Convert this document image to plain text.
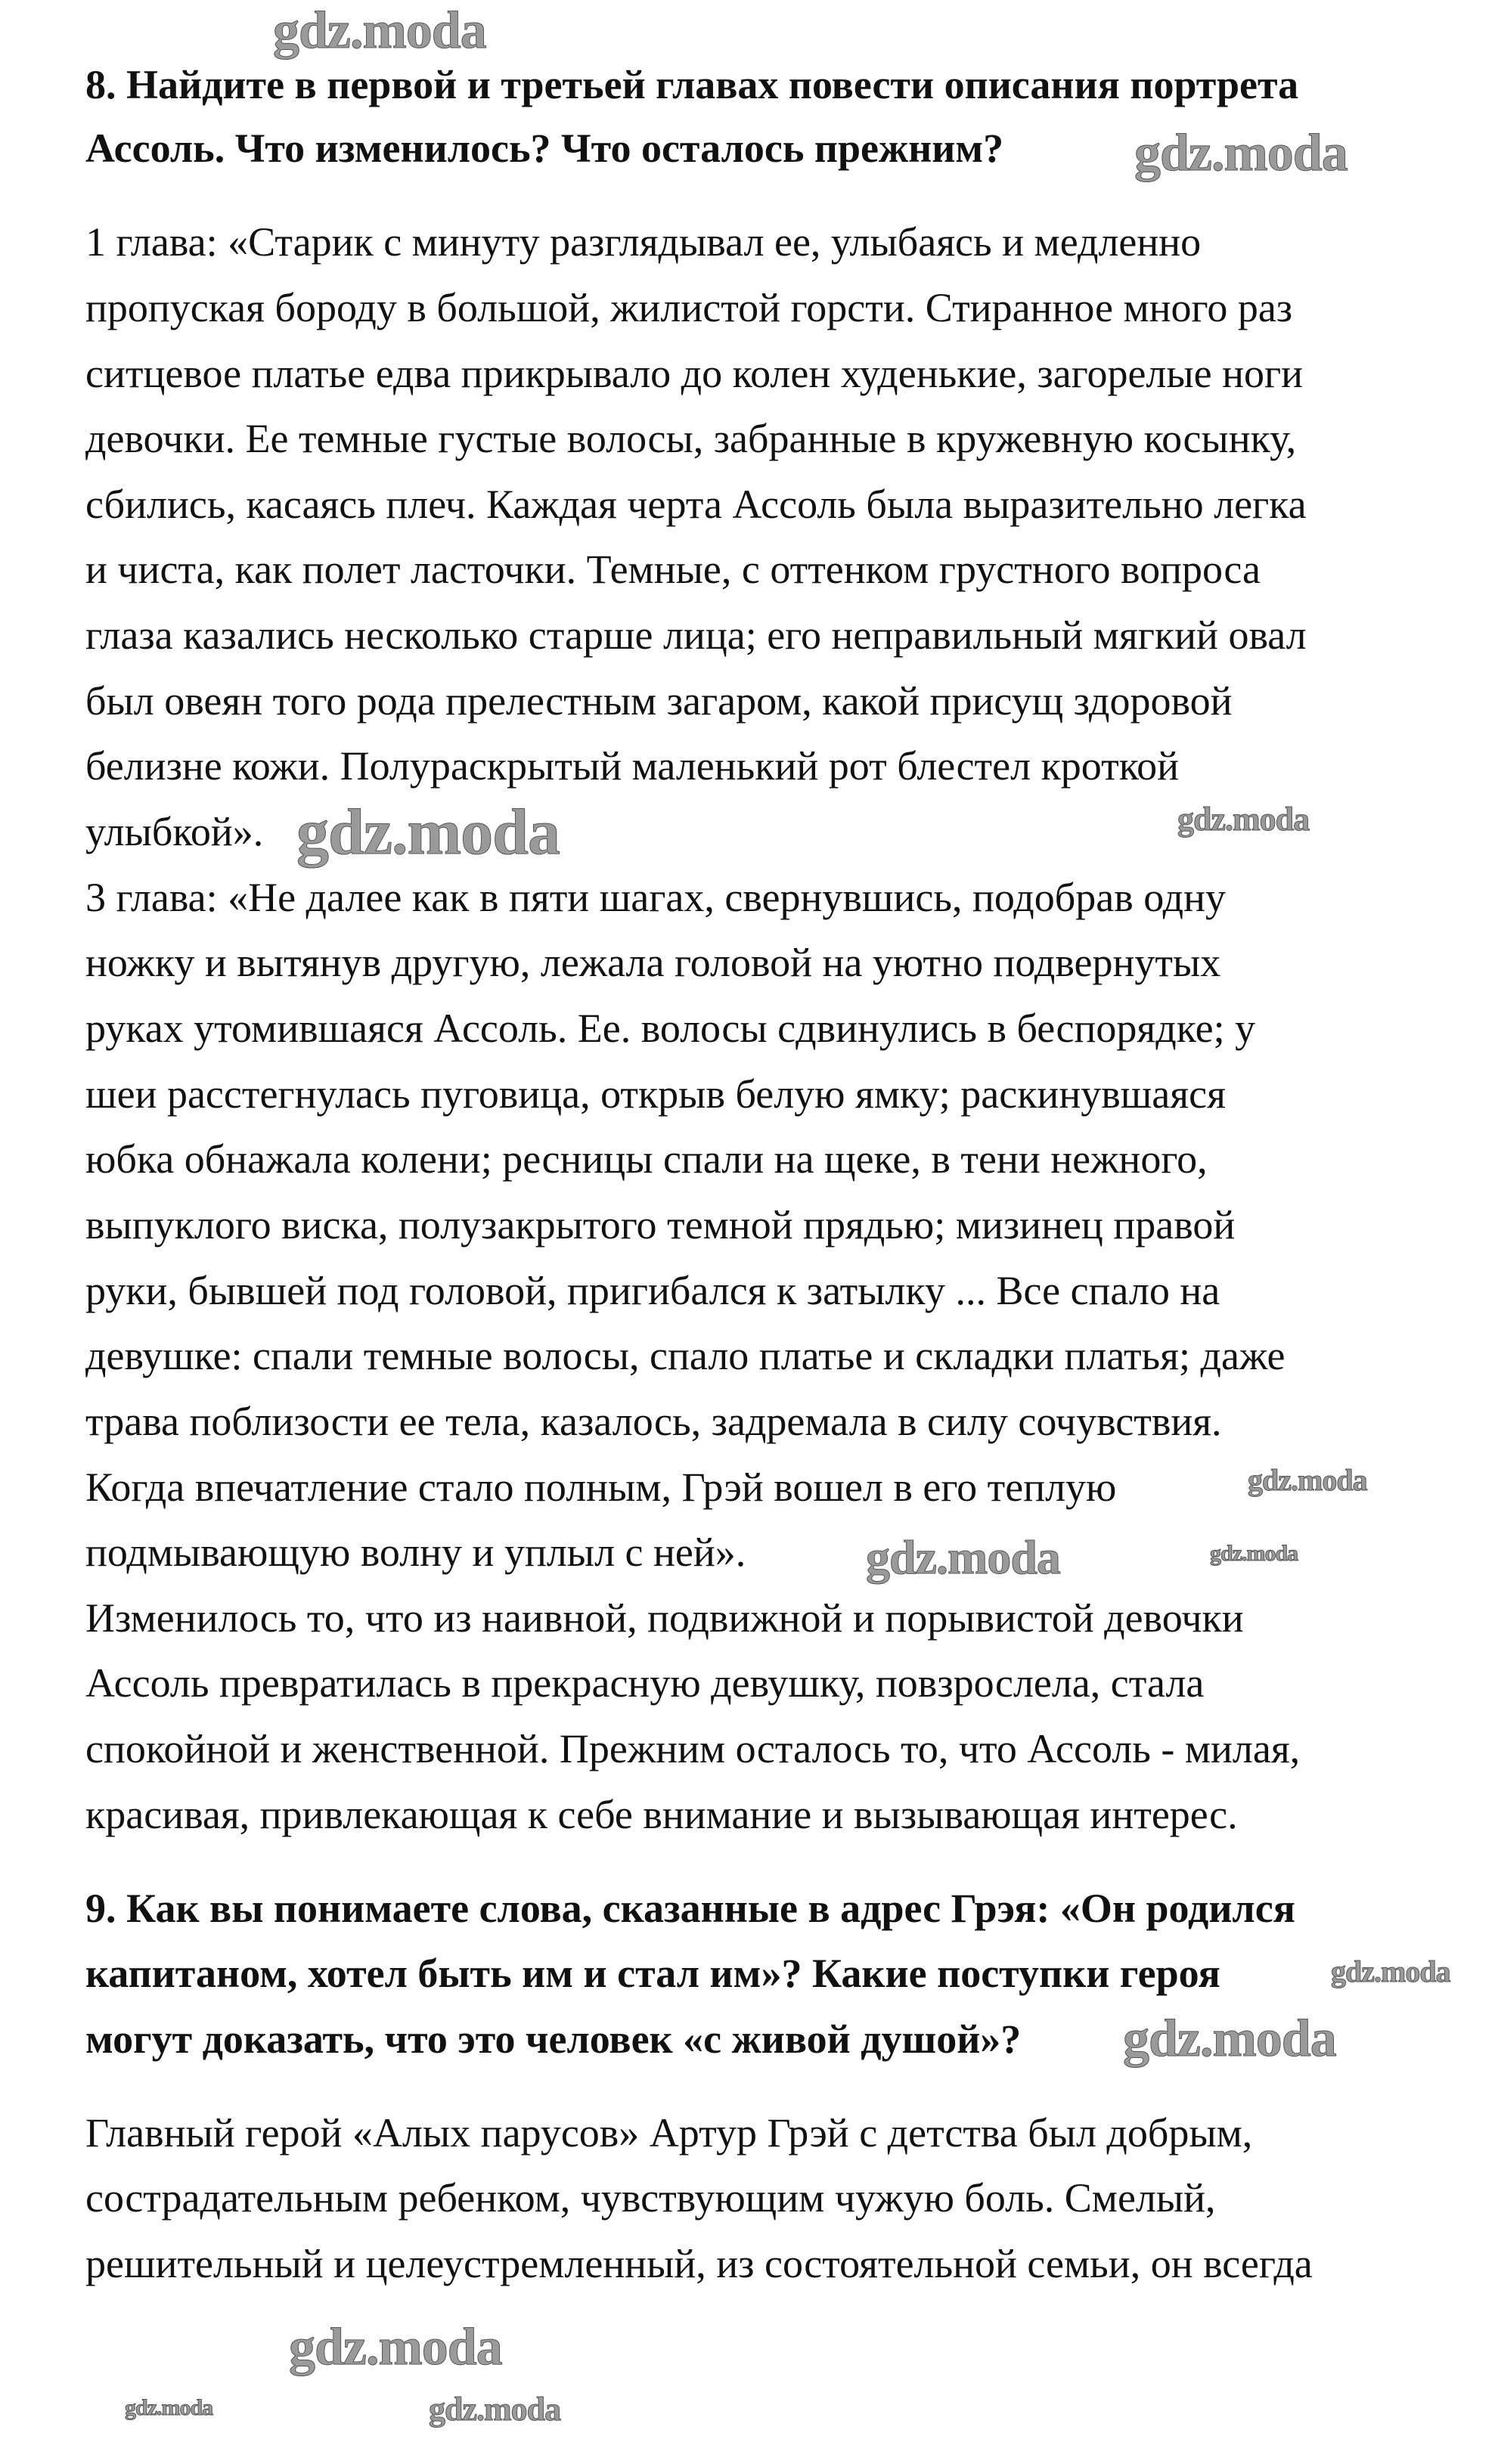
8. Найдите в первой и третьей главах повести описания портрета
Ассоль. Что изменилось? Что осталось прежним?
1 глава: «Старик с минуту разглядывал ее, улыбаясь и медленно
пропуская бороду в большой, жилистой горсти. Стиранное много раз
ситцевое платье едва прикрывало до колен худенькие, загорелые ноги
девочки. Ее темные густые волосы, забранные в кружевную косынку,
сбились, касаясь плеч. Каждая черта Ассоль была выразительно легка
и чиста, как полет ласточки. Темные, с оттенком грустного вопроса
глаза казались несколько старше лица; его неправильный мягкий овал
был овеян того рода прелестным загаром, какой присущ здоровой
белизне кожи. Полураскрытый маленький рот блестел кроткой
улыбкой».
3 глава: «Не далее как в пяти шагах, свернувшись, подобрав одну
ножку и вытянув другую, лежала головой на уютно подвернутых
руках утомившаяся Ассоль. Ее. волосы сдвинулись в беспорядке; у
шеи расстегнулась пуговица, открыв белую ямку; раскинувшаяся
юбка обнажала колени; ресницы спали на щеке, в тени нежного,
выпуклого виска, полузакрытого темной прядью; мизинец правой
руки, бывшей под головой, пригибался к затылку ... Все спало на
девушке: спали темные волосы, спало платье и складки платья; даже
трава поблизости ее тела, казалось, задремала в силу сочувствия.
Когда впечатление стало полным, Грэй вошел в его теплую
подмывающую волну и уплыл с ней».
Изменилось то, что из наивной, подвижной и порывистой девочки
Ассоль превратилась в прекрасную девушку, повзрослела, стала
спокойной и женственной. Прежним осталось то, что Ассоль - милая,
красивая, привлекающая к себе внимание и вызывающая интерес.
9. Как вы понимаете слова, сказанные в адрес Грэя: «Он родился
капитаном, хотел быть им и стал им»? Какие поступки героя
могут доказать, что это человек «с живой душой»?
Главный герой «Алых парусов» Артур Грэй с детства был добрым,
сострадательным ребенком, чувствующим чужую боль. Смелый,
решительный и целеустремленный, из состоятельной семьи, он всегда
gdz.moda
gdz.moda
gdz.moda
gdz.moda
gdz.moda
gdz.moda
gdz.moda
gdz.moda
gdz.moda
gdz.moda
gdz.moda	gdz.moda
